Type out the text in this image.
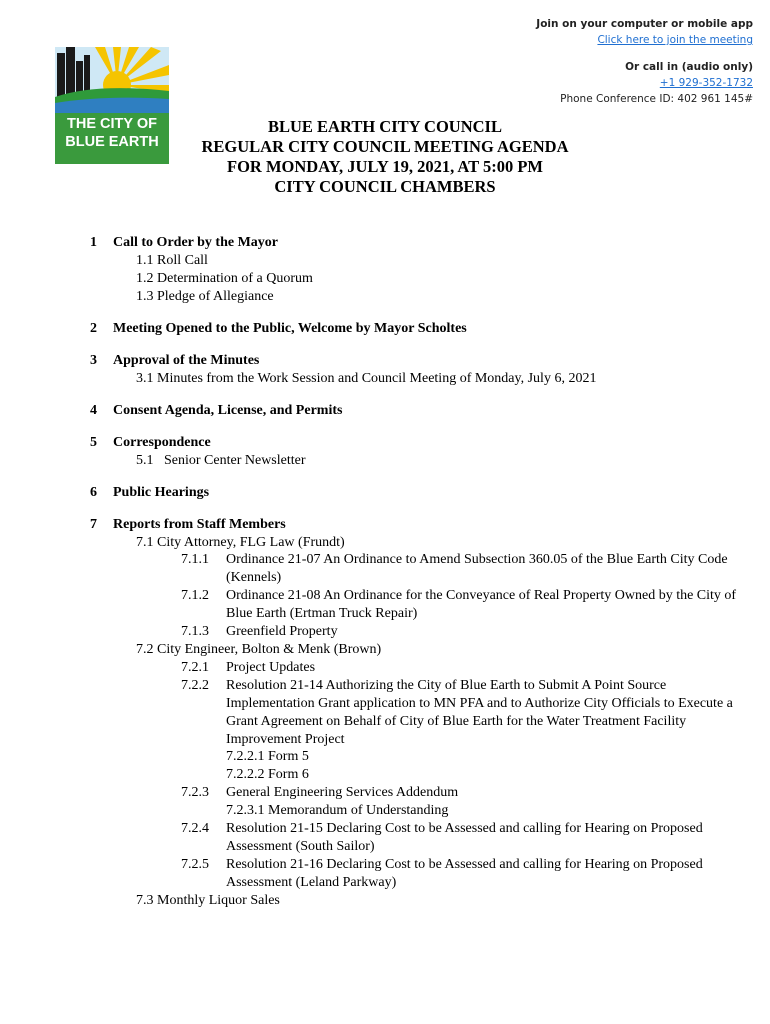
THE CITY OF
BLUE EARTH
Join on your computer or mobile app
Click here to join the meeting
Or call in (audio only)
+1 929-352-1732
Phone Conference ID: 402 961 145#
BLUE EARTH CITY COUNCIL
REGULAR CITY COUNCIL MEETING AGENDA
FOR MONDAY, JULY 19, 2021, AT 5:00 PM
CITY COUNCIL CHAMBERS
1 Call to Order by the Mayor
1.1 Roll Call
1.2 Determination of a Quorum
1.3 Pledge of Allegiance
2 Meeting Opened to the Public, Welcome by Mayor Scholtes
3 Approval of the Minutes
3.1 Minutes from the Work Session and Council Meeting of Monday, July 6, 2021
4 Consent Agenda, License, and Permits
5 Correspondence
5.1   Senior Center Newsletter
6 Public Hearings
7 Reports from Staff Members
7.1 City Attorney, FLG Law (Frundt)
7.1.1	Ordinance 21-07 An Ordinance to Amend Subsection 360.05 of the Blue Earth City Code (Kennels)
7.1.2	Ordinance 21-08 An Ordinance for the Conveyance of Real Property Owned by the City of Blue Earth (Ertman Truck Repair)
7.1.3	Greenfield Property
7.2 City Engineer, Bolton & Menk (Brown)
7.2.1	Project Updates
7.2.2	Resolution 21-14 Authorizing the City of Blue Earth to Submit A Point Source Implementation Grant application to MN PFA and to Authorize City Officials to Execute a Grant Agreement on Behalf of City of Blue Earth for the Water Treatment Facility Improvement Project
7.2.2.1 Form 5
7.2.2.2 Form 6
7.2.3	General Engineering Services Addendum
7.2.3.1 Memorandum of Understanding
7.2.4	Resolution 21-15 Declaring Cost to be Assessed and calling for Hearing on Proposed Assessment (South Sailor)
7.2.5	Resolution 21-16 Declaring Cost to be Assessed and calling for Hearing on Proposed Assessment (Leland Parkway)
7.3 Monthly Liquor Sales
